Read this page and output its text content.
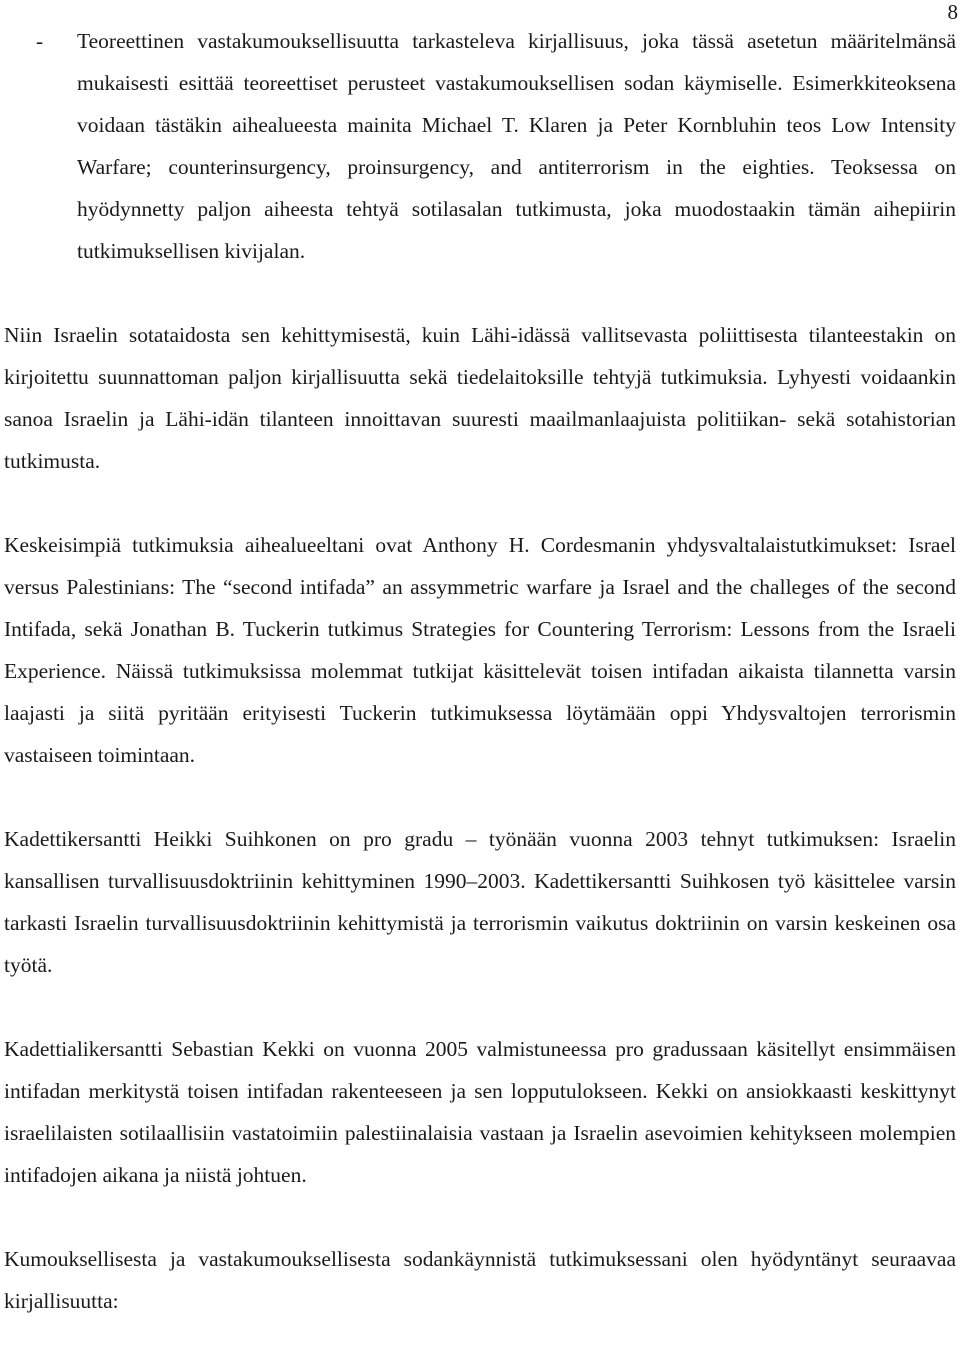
8

- Teoreettinen vastakumouksellisuutta tarkasteleva kirjallisuus, joka tässä asetetun määritelmänsä mukaisesti esittää teoreettiset perusteet vastakumouksellisen sodan käymiselle. Esimerkkiteoksena voidaan tästäkin aihealueesta mainita Michael T. Klaren ja Peter Kornbluhin teos Low Intensity Warfare; counterinsurgency, proinsurgency, and antiterrorism in the eighties. Teoksessa on hyödynnetty paljon aiheesta tehtyä sotilasalan tutkimusta, joka muodostaakin tämän aihepiirin tutkimuksellisen kivijalan.

Niin Israelin sotataidosta sen kehittymisestä, kuin Lähi-idässä vallitsevasta poliittisesta tilanteestakin on kirjoitettu suunnattoman paljon kirjallisuutta sekä tiedelaitoksille tehtyjä tutkimuksia. Lyhyesti voidaankin sanoa Israelin ja Lähi-idän tilanteen innoittavan suuresti maailmanlaajuista politiikan- sekä sotahistorian tutkimusta.

Keskeisimpiä tutkimuksia aihealueeltani ovat Anthony H. Cordesmanin yhdysvaltalaistutkimukset: Israel versus Palestinians: The “second intifada” an assymmetric warfare ja Israel and the challeges of the second Intifada, sekä Jonathan B. Tuckerin tutkimus Strategies for Countering Terrorism: Lessons from the Israeli Experience. Näissä tutkimuksissa molemmat tutkijat käsittelevät toisen intifadan aikaista tilannetta varsin laajasti ja siitä pyritään erityisesti Tuckerin tutkimuksessa löytämään oppi Yhdysvaltojen terrorismin vastaiseen toimintaan.

Kadettikersantti Heikki Suihkonen on pro gradu – työnään vuonna 2003 tehnyt tutkimuksen: Israelin kansallisen turvallisuusdoktriinin kehittyminen 1990–2003. Kadettikersantti Suihkosen työ käsittelee varsin tarkasti Israelin turvallisuusdoktriinin kehittymistä ja terrorismin vaikutus doktriinin on varsin keskeinen osa työtä.

Kadettialikersantti Sebastian Kekki on vuonna 2005 valmistuneessa pro gradussaan käsitellyt ensimmäisen intifadan merkitystä toisen intifadan rakenteeseen ja sen lopputulokseen. Kekki on ansiokkaasti keskittynyt israelilaisten sotilaallisiin vastatoimiin palestiinalaisia vastaan ja Israelin asevoimien kehitykseen molempien intifadojen aikana ja niistä johtuen.

Kumouksellisesta ja vastakumouksellisesta sodankäynnistä tutkimuksessani olen hyödyntänyt seuraavaa kirjallisuutta:
